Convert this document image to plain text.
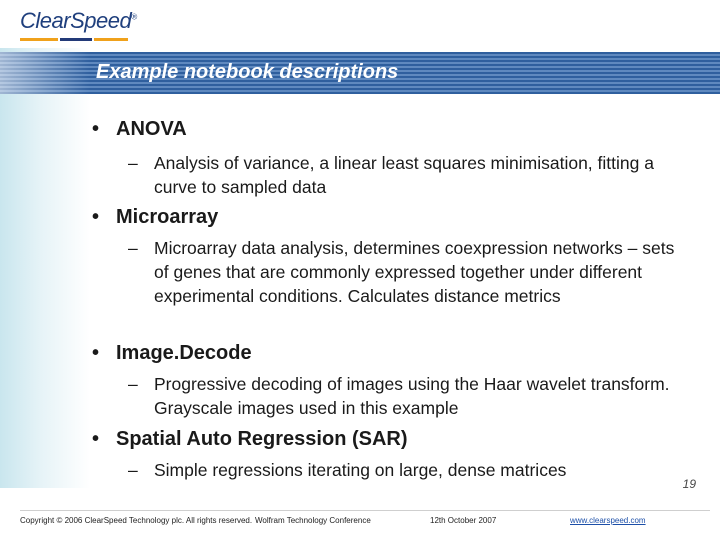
ClearSpeed®
Example notebook descriptions
• ANOVA
– Analysis of variance, a linear least squares minimisation, fitting a curve to sampled data
• Microarray
– Microarray data analysis, determines coexpression networks – sets of genes that are commonly expressed together under different experimental conditions. Calculates distance metrics
• Image.Decode
– Progressive decoding of images using the Haar wavelet transform. Grayscale images used in this example
• Spatial Auto Regression (SAR)
– Simple regressions iterating on large, dense matrices
19
Copyright © 2006 ClearSpeed Technology plc. All rights reserved. Wolfram Technology Conference	12th October 2007	www.clearspeed.com
